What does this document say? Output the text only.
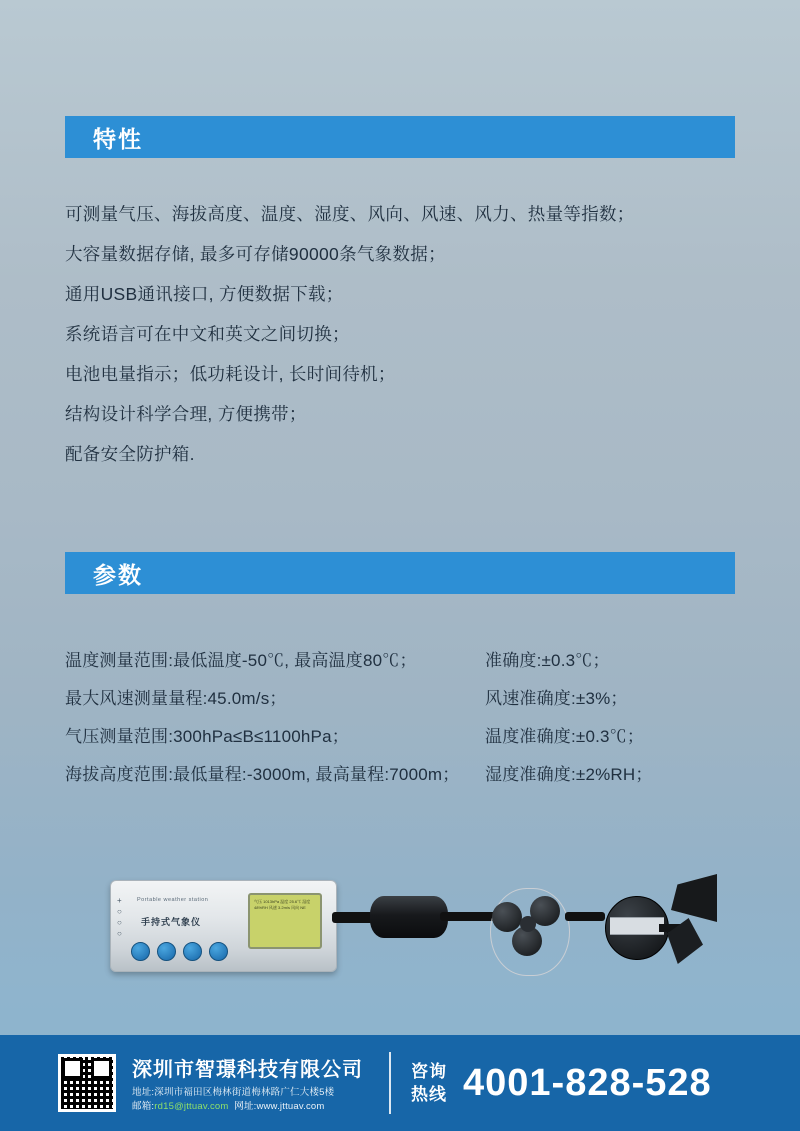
特性
可测量气压、海拔高度、温度、湿度、风向、风速、风力、热量等指数；
大容量数据存储, 最多可存储90000条气象数据；
通用USB通讯接口, 方便数据下载；
系统语言可在中文和英文之间切换；
电池电量指示；低功耗设计, 长时间待机；
结构设计科学合理, 方便携带；
配备安全防护箱.
参数
温度测量范围:最低温度-50℃, 最高温度80℃；
最大风速测量量程:45.0m/s；
气压测量范围:300hPa≤B≤1100hPa；
海拔高度范围:最低量程:-3000m, 最高量程:7000m；
准确度:±0.3℃；
风速准确度:±3%；
温度准确度:±0.3℃；
湿度准确度:±2%RH；
+
○
○
○
Portable weather station
手持式气象仪
气压 1013hPa 温度 25.6℃ 湿度 48%RH 风速 3.2m/s 风向 NE
深圳市智璟科技有限公司
地址:深圳市福田区梅林街道梅林路广仁大楼5楼
邮箱:rd15@jttuav.com 网址:www.jttuav.com
咨询
热线 4001-828-528
